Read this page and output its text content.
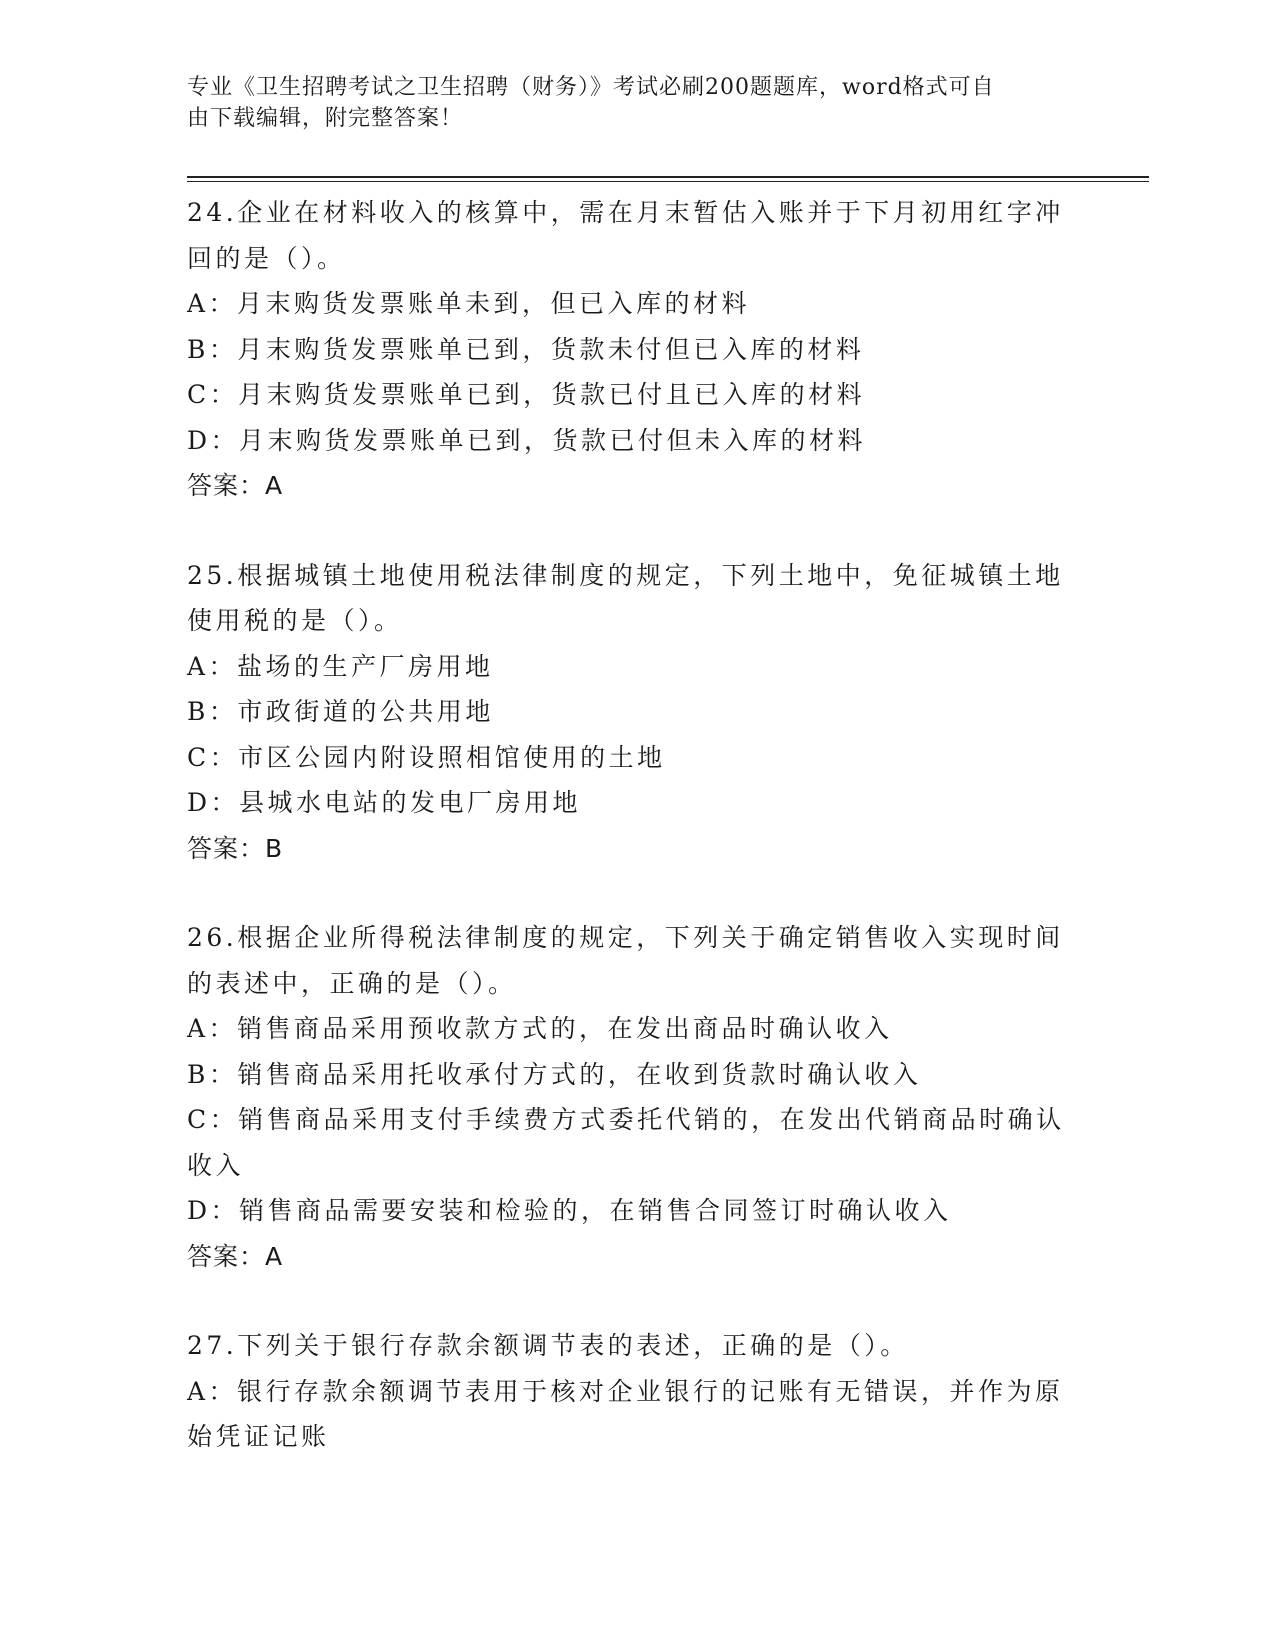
专业《卫生招聘考试之卫生招聘（财务）》考试必刷200题题库，word格式可自
由下载编辑，附完整答案！

24.企业在材料收入的核算中，需在月末暂估入账并于下月初用红字冲

回的是（）。

A：月末购货发票账单未到，但已入库的材料

B：月末购货发票账单已到，货款未付但已入库的材料

C：月末购货发票账单已到，货款已付且已入库的材料

D：月末购货发票账单已到，货款已付但未入库的材料

答案：A

25.根据城镇土地使用税法律制度的规定，下列土地中，免征城镇土地

使用税的是（）。

A：盐场的生产厂房用地

B：市政街道的公共用地

C：市区公园内附设照相馆使用的土地

D：县城水电站的发电厂房用地

答案：B

26.根据企业所得税法律制度的规定，下列关于确定销售收入实现时间

的表述中，正确的是（）。

A：销售商品采用预收款方式的，在发出商品时确认收入

B：销售商品采用托收承付方式的，在收到货款时确认收入

C：销售商品采用支付手续费方式委托代销的，在发出代销商品时确认

收入

D：销售商品需要安装和检验的，在销售合同签订时确认收入

答案：A

27.下列关于银行存款余额调节表的表述，正确的是（）。

A：银行存款余额调节表用于核对企业银行的记账有无错误，并作为原

始凭证记账
